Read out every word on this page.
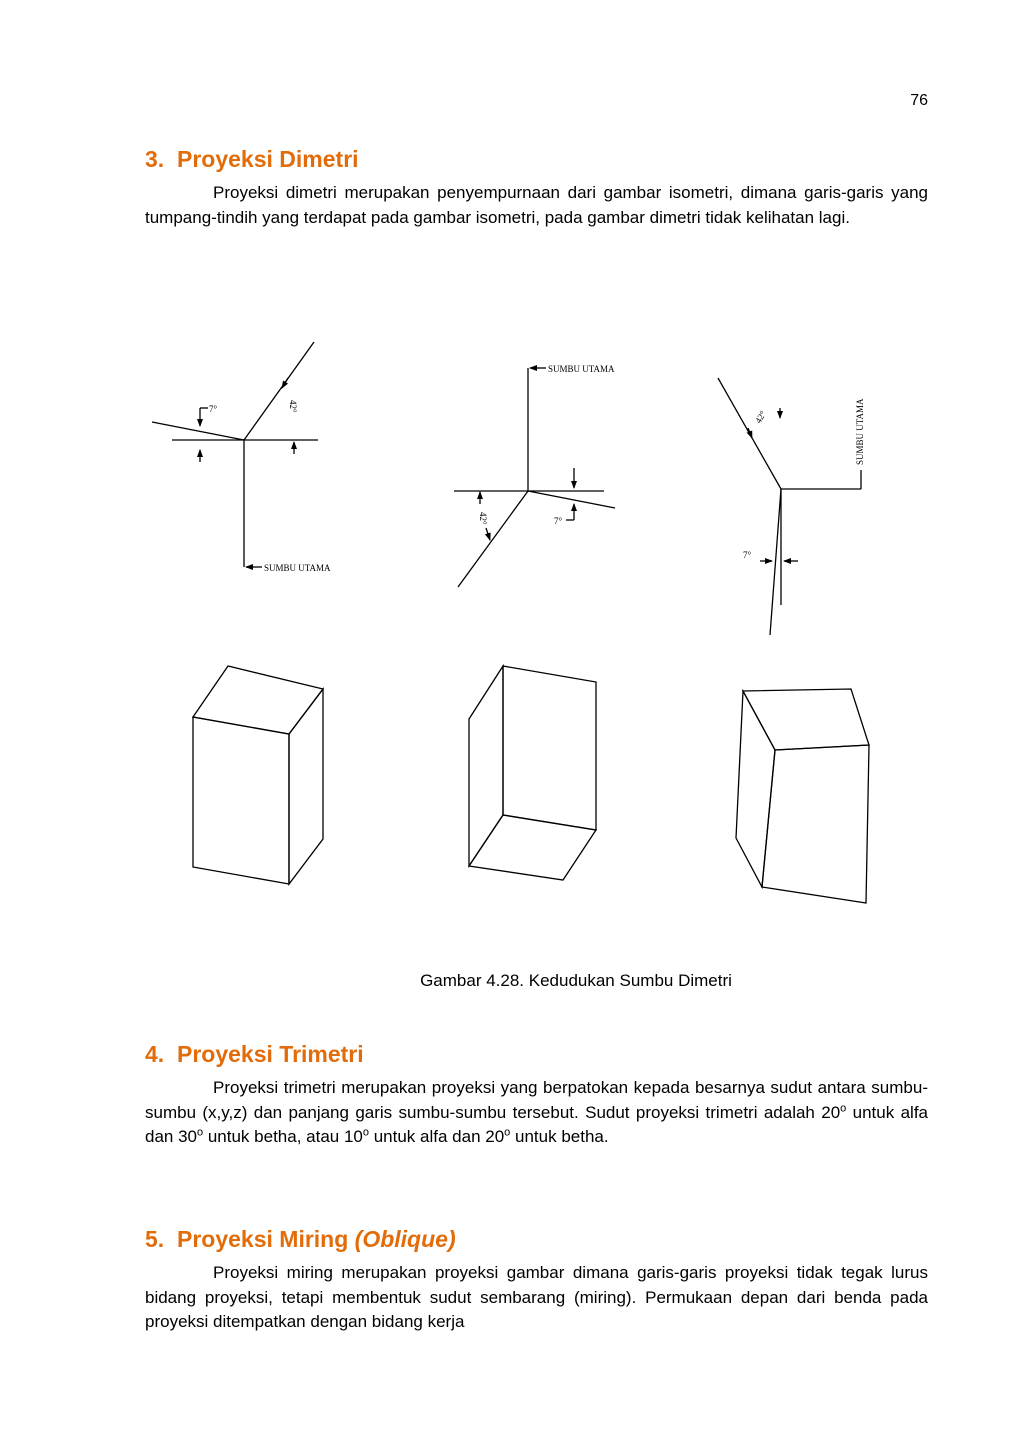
76
3. Proyeksi Dimetri

Proyeksi dimetri merupakan penyempurnaan dari gambar isometri, dimana garis-garis yang tumpang-tindih yang terdapat pada gambar isometri, pada gambar dimetri tidak kelihatan lagi.

7°	42°
SUMBU UTAMA
SUMBU UTAMA
42°	7°
SUMBU UTAMA
42°
7°
Gambar 4.28. Kedudukan Sumbu Dimetri
4. Proyeksi Trimetri

Proyeksi trimetri merupakan proyeksi yang berpatokan kepada besarnya sudut antara sumbu-sumbu (x,y,z) dan panjang garis sumbu-sumbu tersebut. Sudut proyeksi trimetri adalah 20$^o$ untuk alfa dan 30$^o$ untuk betha, atau 10$^o$ untuk alfa dan 20$^o$ untuk betha.

5. Proyeksi Miring (Oblique)

Proyeksi miring merupakan proyeksi gambar dimana garis-garis proyeksi tidak tegak lurus bidang proyeksi, tetapi membentuk sudut sembarang (miring). Permukaan depan dari benda pada proyeksi ditempatkan dengan bidang kerja
